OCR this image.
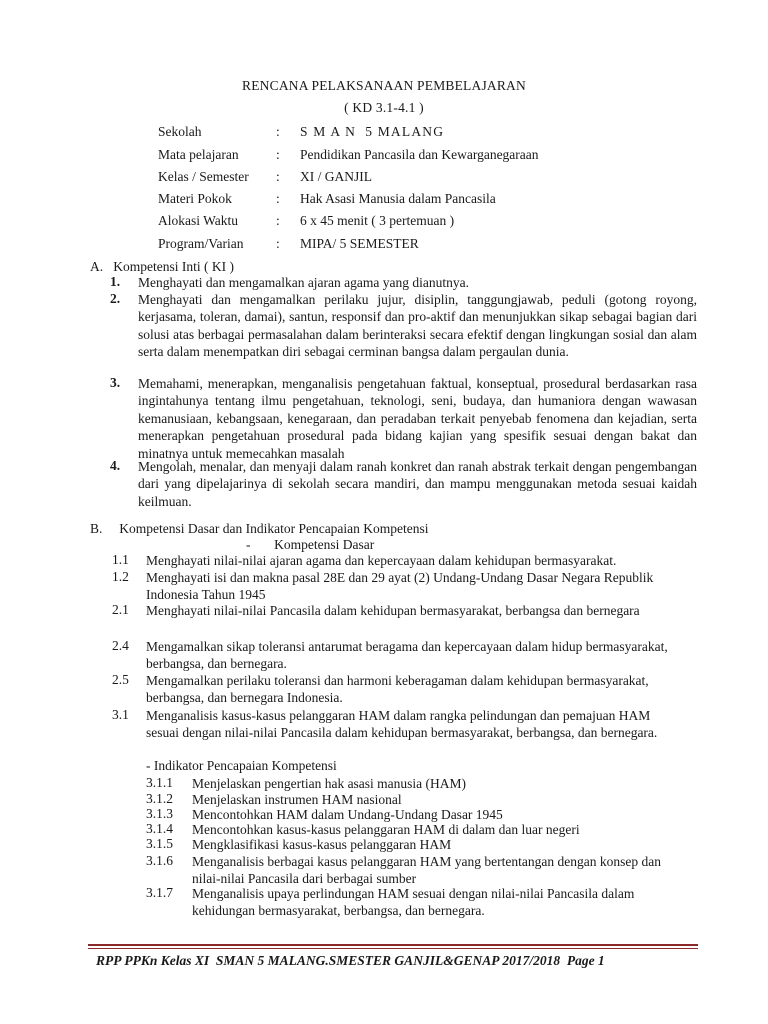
RENCANA PELAKSANAAN PEMBELAJARAN
( KD 3.1-4.1 )
Sekolah	: S M A N  5 MALANG
Mata pelajaran	: Pendidikan Pancasila dan Kewarganegaraan
Kelas / Semester : XI / GANJIL
Materi Pokok	: Hak Asasi Manusia dalam Pancasila
Alokasi Waktu	: 6 x 45 menit ( 3 pertemuan )
Program/Varian : MIPA/ 5 SEMESTER
A.   Kompetensi Inti ( KI )
1. Menghayati dan mengamalkan ajaran agama yang dianutnya.
2. Menghayati dan mengamalkan perilaku jujur, disiplin, tanggungjawab, peduli (gotong royong, kerjasama, toleran, damai), santun, responsif dan pro-aktif dan menunjukkan sikap sebagai bagian dari solusi atas berbagai permasalahan dalam berinteraksi secara efektif dengan lingkungan sosial dan alam serta dalam menempatkan diri sebagai cerminan bangsa dalam pergaulan dunia.
3. Memahami, menerapkan, menganalisis pengetahuan faktual, konseptual, prosedural berdasarkan rasa ingintahunya tentang ilmu pengetahuan, teknologi, seni, budaya, dan humaniora dengan wawasan kemanusiaan, kebangsaan, kenegaraan, dan peradaban terkait penyebab fenomena dan kejadian, serta menerapkan pengetahuan prosedural pada bidang kajian yang spesifik sesuai dengan bakat dan minatnya untuk memecahkan masalah
4. Mengolah, menalar, dan menyaji dalam ranah konkret dan ranah abstrak terkait dengan pengembangan dari yang dipelajarinya di sekolah secara mandiri, dan mampu menggunakan metoda sesuai kaidah keilmuan.
B.     Kompetensi Dasar dan Indikator Pencapaian Kompetensi
-       Kompetensi Dasar
1.1 Menghayati nilai-nilai ajaran agama dan kepercayaan dalam kehidupan bermasyarakat.
1.2 Menghayati isi dan makna pasal 28E dan 29 ayat (2) Undang-Undang Dasar Negara Republik Indonesia Tahun 1945
2.1 Menghayati nilai-nilai Pancasila dalam kehidupan bermasyarakat, berbangsa dan bernegara
2.4 Mengamalkan sikap toleransi antarumat beragama dan kepercayaan dalam hidup bermasyarakat, berbangsa, dan bernegara.
2.5 Mengamalkan perilaku toleransi dan harmoni keberagaman dalam kehidupan bermasyarakat, berbangsa, dan bernegara Indonesia.
3.1 Menganalisis kasus-kasus pelanggaran HAM dalam rangka pelindungan dan pemajuan HAM sesuai dengan nilai-nilai Pancasila dalam kehidupan bermasyarakat, berbangsa, dan bernegara.
- Indikator Pencapaian Kompetensi
3.1.1 Menjelaskan pengertian hak asasi manusia (HAM)
3.1.2 Menjelaskan instrumen HAM nasional
3.1.3 Mencontohkan HAM dalam Undang-Undang Dasar 1945
3.1.4 Mencontohkan kasus-kasus pelanggaran HAM di dalam dan luar negeri
3.1.5 Mengklasifikasi kasus-kasus pelanggaran HAM
3.1.6 Menganalisis berbagai kasus pelanggaran HAM yang bertentangan dengan konsep dan nilai-nilai Pancasila dari berbagai sumber
3.1.7 Menganalisis upaya perlindungan HAM sesuai dengan nilai-nilai Pancasila dalam kehidungan bermasyarakat, berbangsa, dan bernegara.
RPP PPKn Kelas XI  SMAN 5 MALANG.SMESTER GANJIL&GENAP 2017/2018  Page 1
